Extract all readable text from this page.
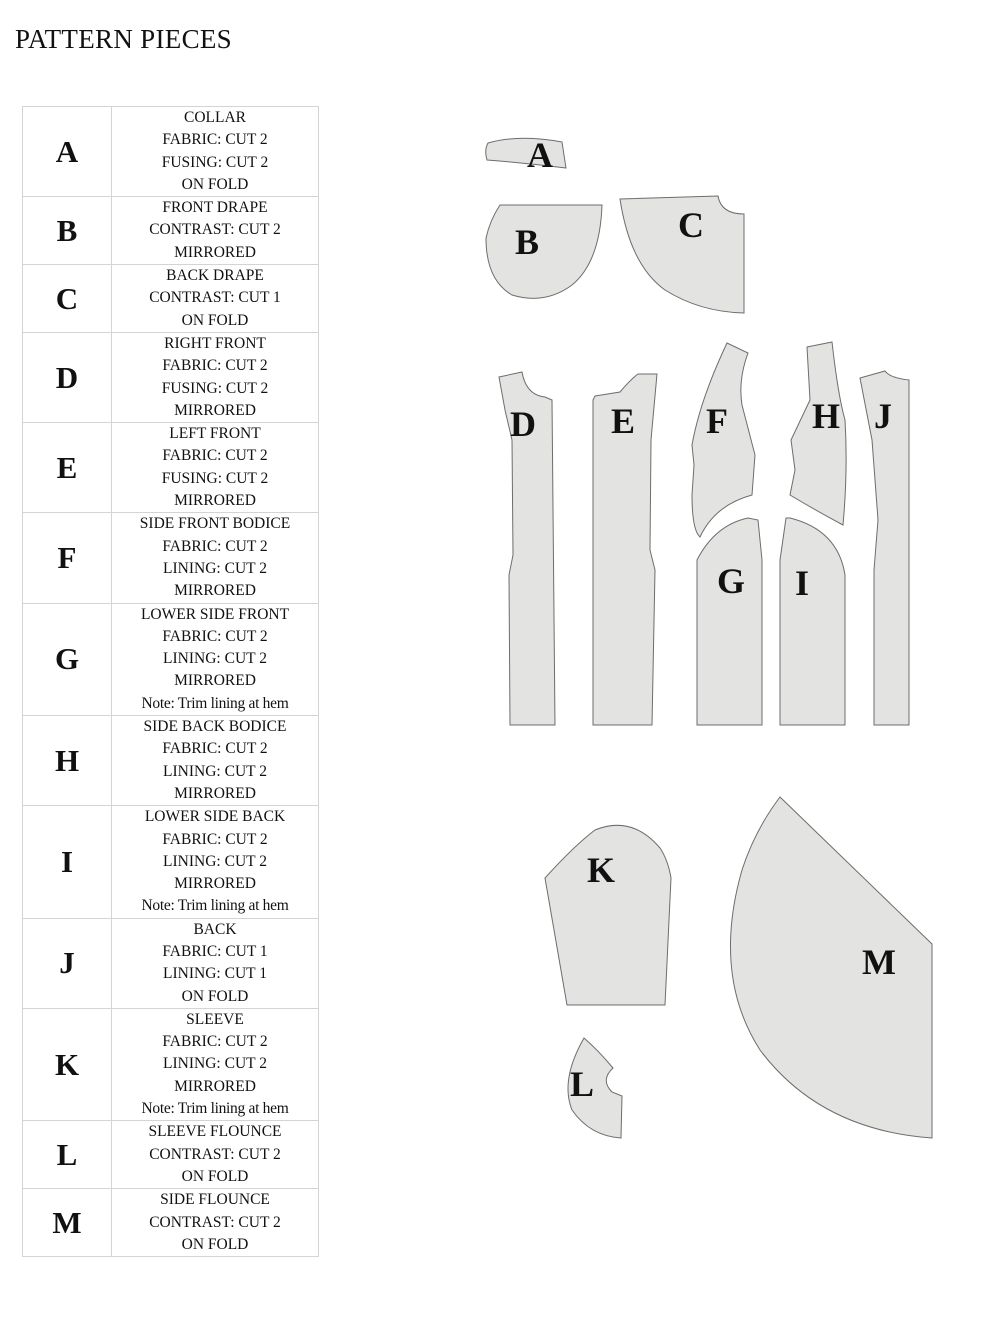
PATTERN PIECES
A	COLLAR
FABRIC: CUT 2
FUSING: CUT 2
ON FOLD

B	FRONT DRAPE
CONTRAST: CUT 2
MIRRORED

C	BACK DRAPE
CONTRAST: CUT 1
ON FOLD

D	RIGHT FRONT
FABRIC: CUT 2
FUSING: CUT 2
MIRRORED

E	LEFT FRONT
FABRIC: CUT 2
FUSING: CUT 2
MIRRORED

F	SIDE FRONT BODICE
FABRIC: CUT 2
LINING: CUT 2
MIRRORED

G	LOWER SIDE FRONT
FABRIC: CUT 2
LINING: CUT 2
MIRRORED
Note: Trim lining at hem

H	SIDE BACK BODICE
FABRIC: CUT 2
LINING: CUT 2
MIRRORED

I	LOWER SIDE BACK
FABRIC: CUT 2
LINING: CUT 2
MIRRORED
Note: Trim lining at hem

J	BACK
FABRIC: CUT 1
LINING: CUT 1
ON FOLD

K	SLEEVE
FABRIC: CUT 2
LINING: CUT 2
MIRRORED
Note: Trim lining at hem

L	SLEEVE FLOUNCE
CONTRAST: CUT 2
ON FOLD

M	SIDE FLOUNCE
CONTRAST: CUT 2
ON FOLD
A
B	C
D E F
G
H
I
J
K
L
M
